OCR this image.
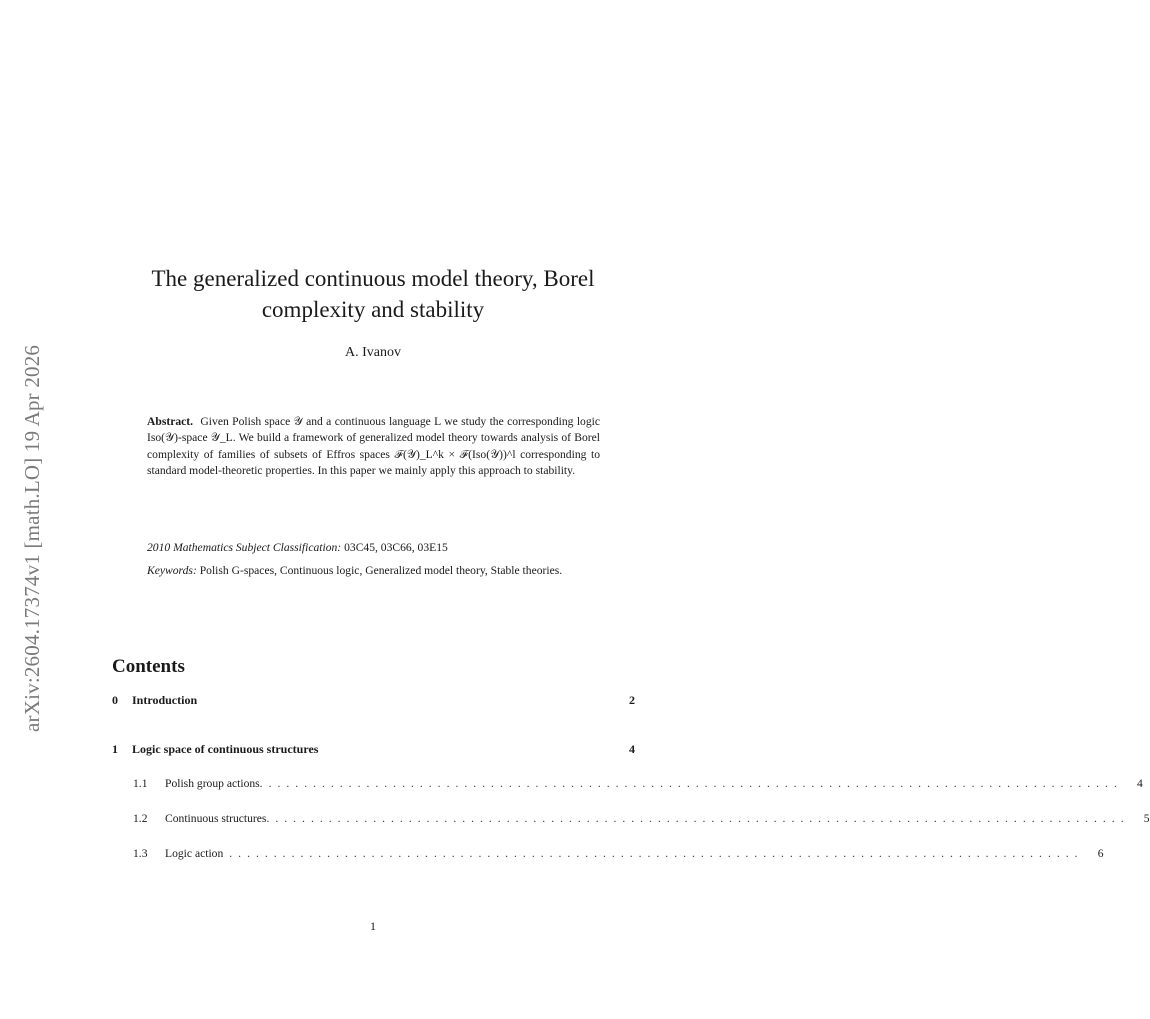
arXiv:2604.17374v1 [math.LO] 19 Apr 2026
The generalized continuous model theory, Borel complexity and stability
A. Ivanov
Abstract. Given Polish space 𝒴 and a continuous language L we study the corresponding logic Iso(𝒴)-space 𝒴_L. We build a framework of generalized model theory towards analysis of Borel complexity of families of subsets of Effros spaces ℱ(𝒴)_L^k × ℱ(Iso(𝒴))^l corresponding to standard model-theoretic properties. In this paper we mainly apply this approach to stability.
2010 Mathematics Subject Classification: 03C45, 03C66, 03E15
Keywords: Polish G-spaces, Continuous logic, Generalized model theory, Stable theories.
Contents
0	Introduction	2
1	Logic space of continuous structures	4
1.1	Polish group actions. ................................................................................................	4
1.2	Continuous structures. ................................................................................................	5
1.3	Logic action ................................................................................................	6
1
